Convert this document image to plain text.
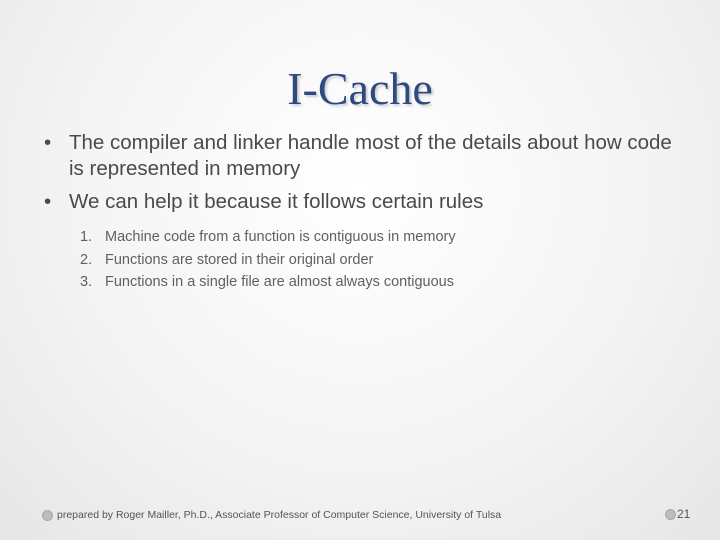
I-Cache
• The compiler and linker handle most of the details about how code is represented in memory
• We can help it because it follows certain rules
1. Machine code from a function is contiguous in memory
2. Functions are stored in their original order
3. Functions in a single file are almost always contiguous
prepared by Roger Mailler, Ph.D., Associate Professor of Computer Science, University of Tulsa	21
